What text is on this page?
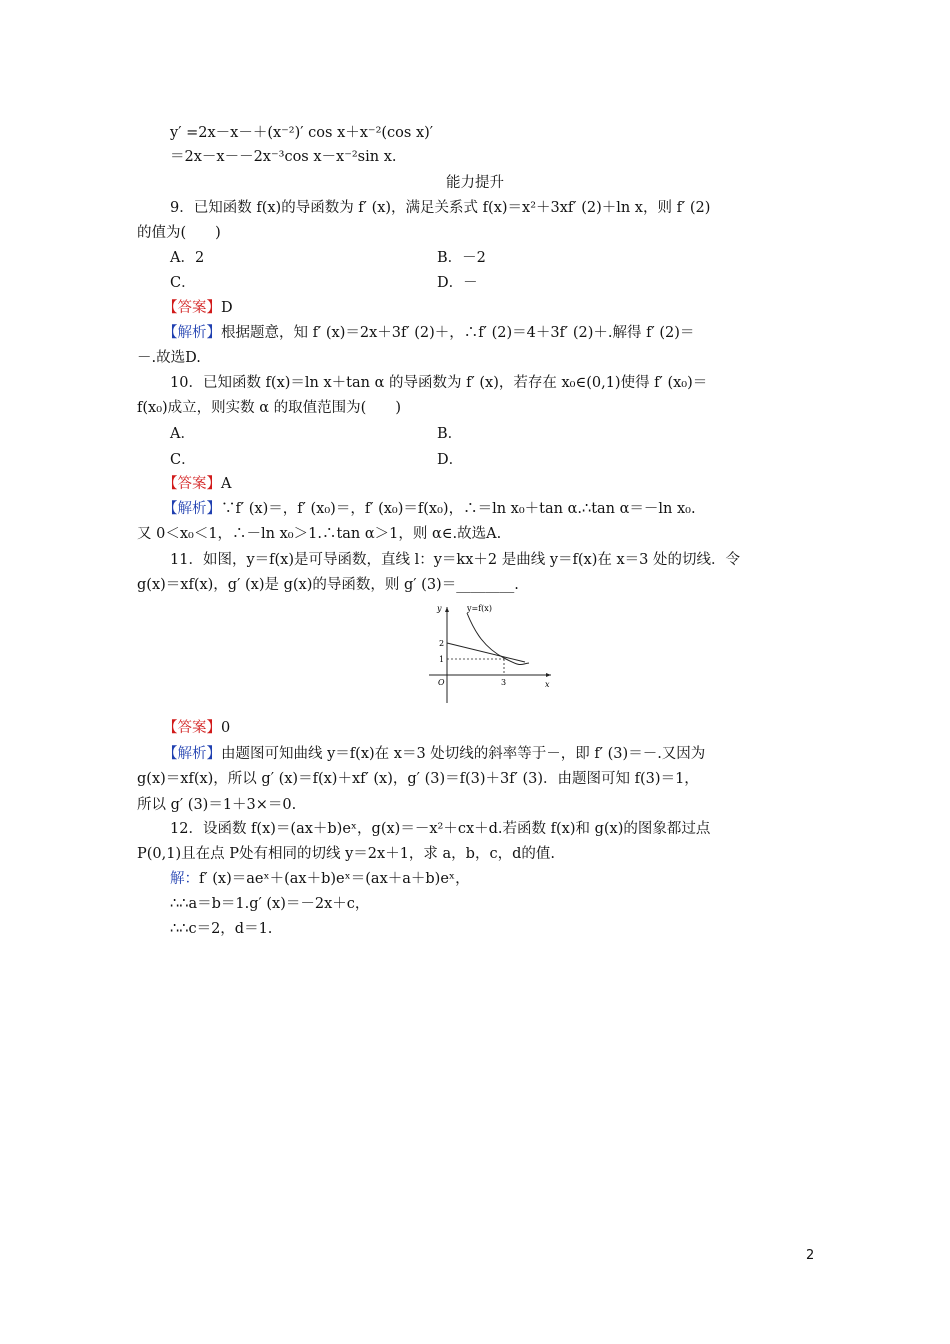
y′ =2x－x－＋(x⁻²)′ cos x＋x⁻²(cos x)′
＝2x－x－－2x⁻³cos x－x⁻²sin x.
能力提升
9．已知函数 f(x)的导函数为 f′ (x)，满足关系式 f(x)＝x²＋3xf′ (2)＋ln x，则 f′ (2)
的值为(　　)
A．2	B．－2
C．	D．－
【答案】D
【解析】根据题意，知 f′ (x)＝2x＋3f′ (2)＋，∴f′ (2)＝4＋3f′ (2)＋.解得 f′ (2)＝
－.故选D.
10．已知函数 f(x)＝ln x＋tan α 的导函数为 f′ (x)，若存在 x₀∈(0,1)使得 f′ (x₀)＝
f(x₀)成立，则实数 α 的取值范围为(　　)
A．	B．
C．	D．
【答案】A
【解析】∵f′ (x)＝，f′ (x₀)＝，f′ (x₀)＝f(x₀)，∴＝ln x₀＋tan α.∴tan α＝－ln x₀.
又 0＜x₀＜1，∴－ln x₀＞1.∴tan α＞1，则 α∈.故选A.
11．如图，y＝f(x)是可导函数，直线 l：y＝kx＋2 是曲线 y＝f(x)在 x＝3 处的切线．令
g(x)＝xf(x)，g′ (x)是 g(x)的导函数，则 g′ (3)＝________.
y
x
y=f(x)
O
2
1
3
【答案】0
【解析】由题图可知曲线 y＝f(x)在 x＝3 处切线的斜率等于－，即 f′ (3)＝－.又因为
g(x)＝xf(x)，所以 g′ (x)＝f(x)＋xf′ (x)，g′ (3)＝f(3)＋3f′ (3)．由题图可知 f(3)＝1，
所以 g′ (3)＝1＋3×＝0.
12．设函数 f(x)＝(ax＋b)eˣ，g(x)＝－x²＋cx＋d.若函数 f(x)和 g(x)的图象都过点
P(0,1)且在点 P处有相同的切线 y＝2x＋1，求 a，b，c，d的值.
解：f′ (x)＝aeˣ＋(ax＋b)eˣ＝(ax＋a＋b)eˣ，
∴∴a＝b＝1.g′ (x)＝－2x＋c，
∴∴c＝2，d＝1.
2
